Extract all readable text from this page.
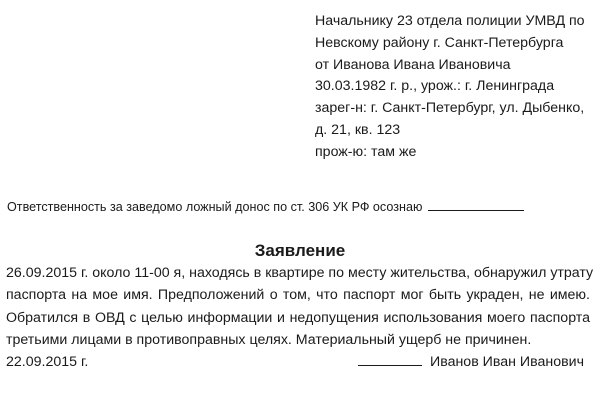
Начальнику 23 отдела полиции УМВД по
Невскому району г. Санкт-Петербурга
от Иванова Ивана Ивановича
30.03.1982 г. р., урож.: г. Ленинграда
зарег-н: г. Санкт-Петербург, ул. Дыбенко,
д. 21, кв. 123
прож-ю: там же
Ответственность за заведомо ложный донос по ст. 306 УК РФ осознаю
Заявление
26.09.2015 г. около 11-00 я, находясь в квартире по месту жительства, обнаружил утрату
паспорта на мое имя. Предположений о том, что паспорт мог быть украден, не имею.
Обратился в ОВД с целью информации и недопущения использования моего паспорта
третьими лицами в противоправных целях. Материальный ущерб не причинен.
22.09.2015 г.	Иванов Иван Иванович
